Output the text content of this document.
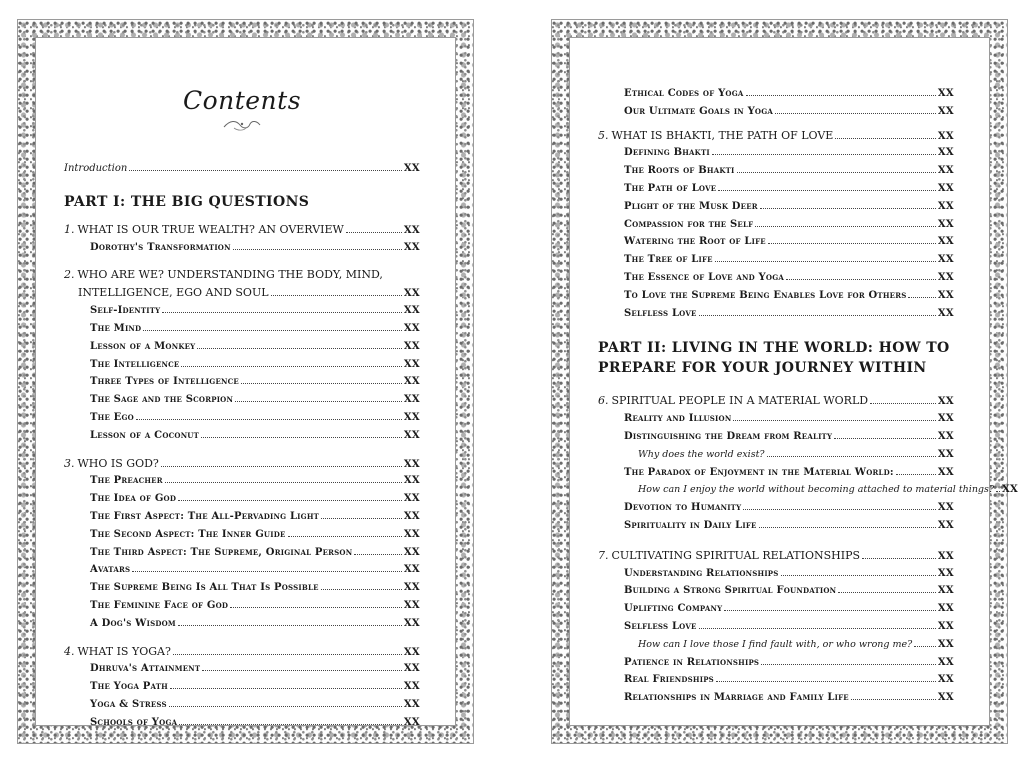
Contents
Introduction	XX
PART I: THE BIG QUESTIONS
1. WHAT IS OUR TRUE WEALTH? AN OVERVIEW	XX
Dorothy's Transformation	XX
2. WHO ARE WE? UNDERSTANDING THE BODY, MIND,
INTELLIGENCE, EGO AND SOUL	XX
Self-Identity	XX
The Mind	XX
Lesson of a Monkey	XX
The Intelligence	XX
Three Types of Intelligence	XX
The Sage and the Scorpion	XX
The Ego	XX
Lesson of a Coconut	XX
3. WHO IS GOD?	XX
The Preacher	XX
The Idea of God	XX
The First Aspect: The All-Pervading Light	XX
The Second Aspect: The Inner Guide	XX
The Third Aspect: The Supreme, Original Person	XX
Avatars	XX
The Supreme Being Is All That Is Possible	XX
The Feminine Face of God	XX
A Dog's Wisdom	XX
4. WHAT IS YOGA?	XX
Dhruva's Attainment	XX
The Yoga Path	XX
Yoga & Stress	XX
Schools of Yoga	XX
Ethical Codes of Yoga	XX
Our Ultimate Goals in Yoga	XX
5. WHAT IS BHAKTI, THE PATH OF LOVE	XX
Defining Bhakti	XX
The Roots of Bhakti	XX
The Path of Love	XX
Plight of the Musk Deer	XX
Compassion for the Self	XX
Watering the Root of Life	XX
The Tree of Life	XX
The Essence of Love and Yoga	XX
To Love the Supreme Being Enables Love for Others	XX
Selfless Love	XX
PART II: LIVING IN THE WORLD: HOW TO
PREPARE FOR YOUR JOURNEY WITHIN
6. SPIRITUAL PEOPLE IN A MATERIAL WORLD	XX
Reality and Illusion	XX
Distinguishing the Dream from Reality	XX
Why does the world exist?	XX
The Paradox of Enjoyment in the Material World:	XX
How can I enjoy the world without becoming attached to material things? XX
Devotion to Humanity	XX
Spirituality in Daily Life	XX
7. CULTIVATING SPIRITUAL RELATIONSHIPS	XX
Understanding Relationships	XX
Building a Strong Spiritual Foundation	XX
Uplifting Company	XX
Selfless Love	XX
How can I love those I find fault with, or who wrong me?	XX
Patience in Relationships	XX
Real Friendships	XX
Relationships in Marriage and Family Life	XX
